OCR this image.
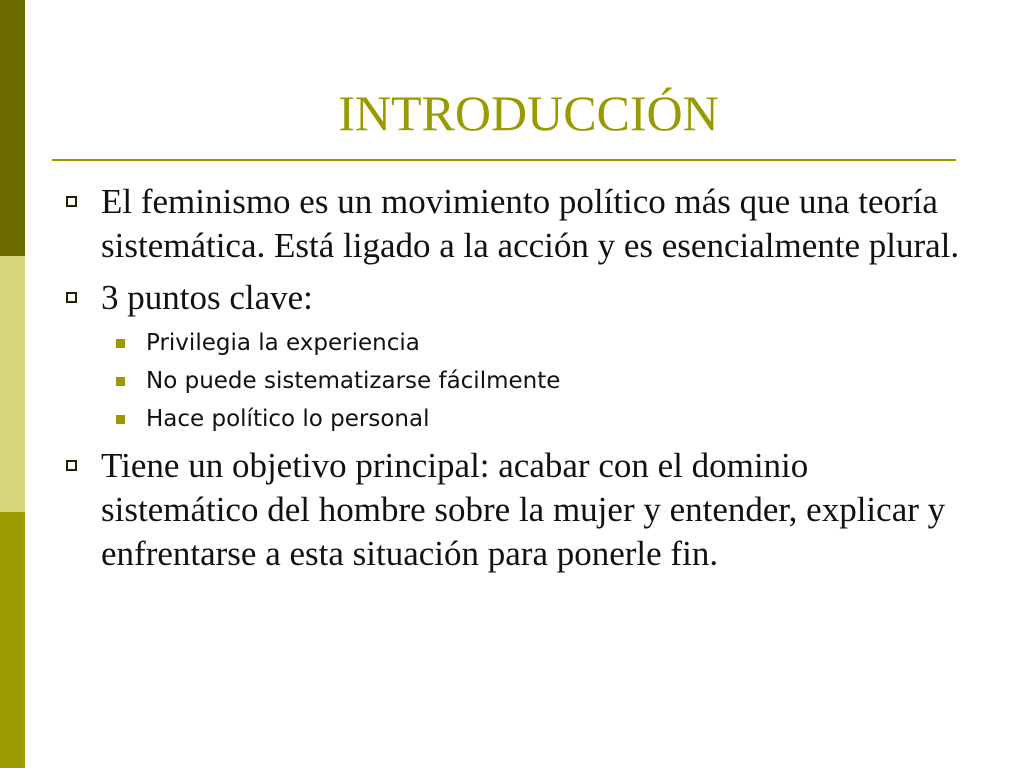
INTRODUCCIÓN
El feminismo es un movimiento político más que una teoría sistemática. Está ligado a la acción y es esencialmente plural.
3 puntos clave:
Privilegia la experiencia
No puede sistematizarse fácilmente
Hace político lo personal
Tiene un objetivo principal: acabar con el dominio sistemático del hombre sobre la mujer y entender, explicar y enfrentarse a esta situación para ponerle fin.
